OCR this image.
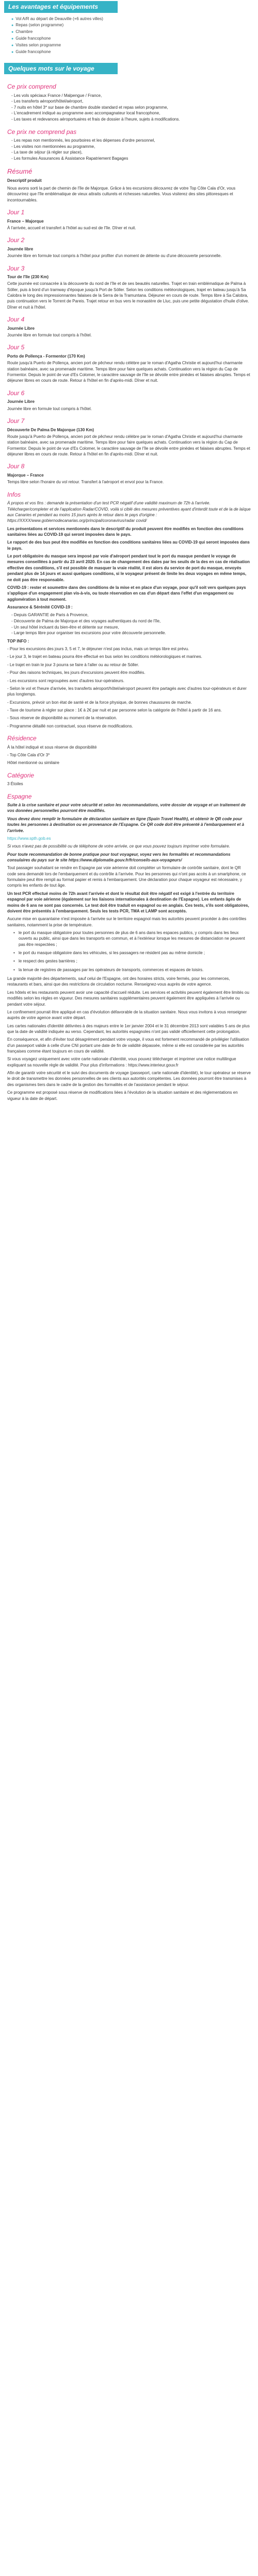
Les avantages et équipements
● Vol A/R au départ de Deauville (+6 autres villes)
● Repas (selon programme)
● Chambre
● Guide francophone
● Visites selon programme
● Guide francophone
Quelques mots sur le voyage
Ce prix comprend
- Les vols spéciaux France / Malpengue / France,
- Les transferts aéroport/hôtel/aéroport,
- 7 nuits en hôtel 3* sur base de chambre double standard et repas selon programme,
- L'encadrement indiqué au programme avec accompagnateur local francophone,
- Les taxes et redevances aéroportuaires et frais de dossier à l'heure, sujets à modifications.
Ce prix ne comprend pas
- Les repas non mentionnés, les pourboires et les dépenses d'ordre personnel,
- Les visites non mentionnées au programme,
- La taxe de séjour (à régler sur place),
- Les formules Assurances & Assistance Rapatriement Bagages
Résumé

Descriptif produit

Nous avons sorti la part de chemin de l'île de Majorque. Grâce à tes excursions découvrez de votre Top Côte Cala d'Or, vous découvrirez que l'île emblématique de vieux attraits culturels et richesses naturelles. Vous visiterez des sites pittoresques et incontournables.

Jour 1

France – Majorque

À l'arrivée, accueil et transfert à l'hôtel au sud-est de l'île. Dîner et nuit.

Jour 2

Journée libre

Journée libre en formule tout compris à l'hôtel pour profiter d'un moment de détente ou d'une découverte personnelle.

Jour 3

Tour de l'île (230 Km)

Cette journée est consacrée à la découverte du nord de l'île et de ses beautés naturelles. Trajet en train emblématique de Palma à Sóller, puis à bord d'un tramway d'époque jusqu'à Port de Sóller. Selon les conditions météorologiques, trajet en bateau jusqu'à Sa Calobra le long des impressionnantes falaises de la Serra de la Tramuntana. Déjeuner en cours de route. Temps libre à Sa Calobra, puis continuation vers le Torrent de Pareis. Trajet retour en bus vers le monastère de Lluc, puis une petite dégustation d'huile d'olive. Dîner et nuit à l'hôtel.

Jour 4

Journée Libre

Journée libre en formule tout compris à l'hôtel.

Jour 5

Porto de Pollença - Formentor (170 Km)

Route jusqu'à Puerto de Pollença, ancien port de pêcheur rendu célèbre par le roman d'Agatha Christie et aujourd'hui charmante station balnéaire, avec sa promenade maritime. Temps libre pour faire quelques achats. Continuation vers la région du Cap de Formentor. Depuis le point de vue d'Es Colomer, le caractère sauvage de l'île se dévoile entre pinèdes et falaises abruptes. Temps et déjeuner libres en cours de route. Retour à l'hôtel en fin d'après-midi. Dîner et nuit.

Jour 6

Journée Libre

Journée libre en formule tout compris à l'hôtel.

Jour 7

Découverte De Palma De Majorque (130 Km)

Route jusqu'à Puerto de Pollença, ancien port de pêcheur rendu célèbre par le roman d'Agatha Christie et aujourd'hui charmante station balnéaire, avec sa promenade maritime. Temps libre pour faire quelques achats. Continuation vers la région du Cap de Formentor. Depuis le point de vue d'Es Colomer, le caractère sauvage de l'île se dévoile entre pinèdes et falaises abruptes. Temps et déjeuner libres en cours de route. Retour à l'hôtel en fin d'après-midi. Dîner et nuit.

Jour 8

Majorque – France

Temps libre selon l'horaire du vol retour. Transfert à l'aéroport et envol pour la France.

Infos

À propos et vos fins : demande la présentation d'un test PCR négatif d'une validité maximum de 72h à l'arrivée. Télécharger/completer et de l'application Radar/COVID, voilà si ciblé des mesures préventives ayant d'interdit toute et de la de laïque aux Canaries et pendant au moins 15 jours après le retour dans le pays d'origine : https://XXXX/www.gobiernodecanarias.org/principal/coronavirus/radar covid/

Les présentations et services mentionnés dans le descriptif du produit peuvent être modifiés en fonction des conditions sanitaires liées au COVID-19 qui seront imposées dans le pays.

Le rapport de des bus peut être modifiée en fonction des conditions sanitaires liées au COVID-19 qui seront imposées dans le pays.

Le port obligatoire du masque sera imposé par voie d'aéroport pendant tout le port du masque pendant le voyage de mesures conseillées à partir du 23 avril 2020. En cas de changement des dates par les seuils de la des en cas de réalisation effective des conditions, s'il est possible de masquer la vraie réalité, il est alors du service de port du masque, envoyés pendant plus de 14 jours et aussi quelques conditions, si le voyageur présent de limite les deux voyages en même temps, ne doit pas être responsable.

COVID-19 : rester et soumettre dans des conditions de la mise et en place d'un voyage, pour qu'il soit vers quelques pays s'applique d'un engagement plan vis-à-vis, ou toute réservation en cas d'un départ dans l'effet d'un engagement ou agglomération à tout moment.

Assurance & Sérénité COVID-19 :

- Depuis GARANTIE de Paris à Provence,
- Découverte de Palma de Majorque et des voyages authentiques du nord de l'île,
- Un seul hôtel incluant du bien-être et détente sur mesure,
- Large temps libre pour organiser tes excursions pour votre découverte personnelle.

TOP INFO :

- Pour les excursions des jours 3, 5 et 7, le déjeuner n'est pas inclus, mais un temps libre est prévu.

- Le jour 3, le trajet en bateau pourra être effectué en bus selon les conditions météorologiques et marines.

- Le trajet en train le jour 3 pourra se faire à l'aller ou au retour de Sóller.

- Pour des raisons techniques, les jours d'excursions peuvent être modifiés.

- Les excursions sont regroupées avec d'autres tour-opérateurs.

- Selon le vol et l'heure d'arrivée, les transferts aéroport/hôtel/aéroport peuvent être partagés avec d'autres tour-opérateurs et durer plus longtemps.

- Excursions, prévoir un bon état de santé et de la force physique, de bonnes chaussures de marche.

- Taxe de tourisme à régler sur place : 1€ à 2€ par nuit et par personne selon la catégorie de l'hôtel à partir de 16 ans.

- Sous réserve de disponibilité au moment de la réservation.

- Programme détaillé non contractuel, sous réserve de modifications.

Résidence

À la hôtel indiqué et sous réserve de disponibilité

- Top Côte Cala d'Or 3*

Hôtel mentionné ou similaire

Catégorie

3 Étoiles

Espagne

Suite à la crise sanitaire et pour votre sécurité et selon les recommandations, votre dossier de voyage et un traitement de vos données personnelles pourront être modifiés.

Vous devez donc remplir le formulaire de déclaration sanitaire en ligne (Spain Travel Health), et obtenir le QR code pour toutes les personnes à destination ou en provenance de l'Espagne. Ce QR code doit être présenté à l'embarquement et à l'arrivée.

https://www.spth.gob.es

Si vous n'avez pas de possibilité ou de téléphone de votre arrivée, ce que vous pouvez toujours imprimer votre formulaire.

Pour toute recommandation de bonne pratique pour tout voyageur, voyez vers les formalités et recommandations consulaires du pays sur le site https://www.diplomatie.gouv.fr/fr/conseils-aux-voyageurs/

Tout passager souhaitant se rendre en Espagne par voie aérienne doit compléter un formulaire de contrôle sanitaire, dont le QR code sera demandé lors de l'embarquement et du contrôle à l'arrivée. Pour les personnes qui n'ont pas accès à un smartphone, ce formulaire peut être rempli au format papier et remis à l'embarquement. Une déclaration pour chaque voyageur est nécessaire, y compris les enfants de tout âge.

Un test PCR effectué moins de 72h avant l'arrivée et dont le résultat doit être négatif est exigé à l'entrée du territoire espagnol par voie aérienne (également sur les liaisons internationales à destination de l'Espagne). Les enfants âgés de moins de 6 ans ne sont pas concernés. Le test doit être traduit en espagnol ou en anglais. Ces tests, s'ils sont obligatoires, doivent être présentés à l'embarquement. Seuls les tests PCR, TMA et LAMP sont acceptés.

Aucune mise en quarantaine n'est imposée à l'arrivée sur le territoire espagnol mais les autorités peuvent procéder à des contrôles sanitaires, notamment la prise de température.

• le port du masque obligatoire pour toutes personnes de plus de 6 ans dans les espaces publics, y compris dans les lieux ouverts au public, ainsi que dans les transports en commun, et à l'extérieur lorsque les mesures de distanciation ne peuvent pas être respectées ;
• le port du masque obligatoire dans les véhicules, si les passagers ne résident pas au même domicile ;
• le respect des gestes barrières ;
• la tenue de registres de passages par les opérateurs de transports, commerces et espaces de loisirs.

La grande majorité des départements, sauf celui de l'Espagne, ont des horaires stricts, voire fermés, pour les commerces, restaurants et bars, ainsi que des restrictions de circulation nocturne. Renseignez-vous auprès de votre agence.

Les hôtels et les restaurants peuvent avoir une capacité d'accueil réduite. Les services et activités peuvent également être limités ou modifiés selon les règles en vigueur. Des mesures sanitaires supplémentaires peuvent également être appliquées à l'arrivée ou pendant votre séjour.

Le confinement pourrait être appliqué en cas d'évolution défavorable de la situation sanitaire. Nous vous invitons à vous renseigner auprès de votre agence avant votre départ.

Les cartes nationales d'identité délivrées à des majeurs entre le 1er janvier 2004 et le 31 décembre 2013 sont valables 5 ans de plus que la date de validité indiquée au verso. Cependant, les autorités espagnoles n'ont pas validé officiellement cette prolongation.

En conséquence, et afin d'éviter tout désagrément pendant votre voyage, il vous est fortement recommandé de privilégier l'utilisation d'un passeport valide à celle d'une CNI portant une date de fin de validité dépassée, même si elle est considérée par les autorités françaises comme étant toujours en cours de validité.

Si vous voyagez uniquement avec votre carte nationale d'identité, vous pouvez télécharger et imprimer une notice multilingue expliquant sa nouvelle règle de validité. Pour plus d'informations : https://www.interieur.gouv.fr

Afin de garantir votre sécurité et le suivi des documents de voyage (passeport, carte nationale d'identité), le tour opérateur se réserve le droit de transmettre les données personnelles de ses clients aux autorités compétentes. Les données pourront être transmises à des organismes tiers dans le cadre de la gestion des formalités et de l'assistance pendant le séjour.

Ce programme est proposé sous réserve de modifications liées à l'évolution de la situation sanitaire et des réglementations en vigueur à la date de départ.
